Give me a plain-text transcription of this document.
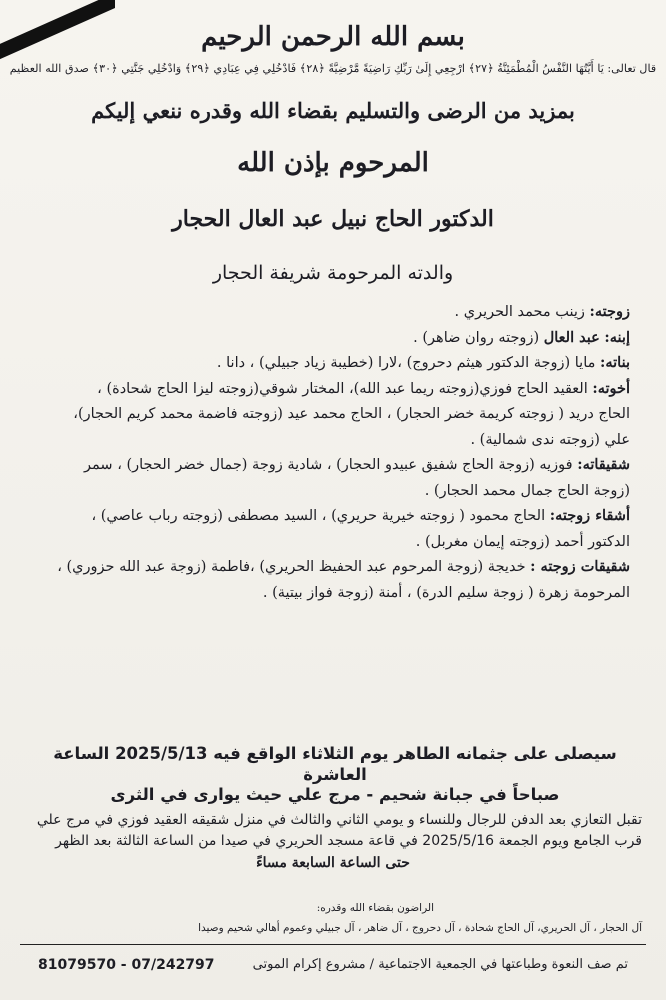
بسم الله الرحمن الرحيم
قال تعالى: يَا أَيَّتُهَا النَّفْسُ الْمُطْمَئِنَّةُ ﴿٢٧﴾ ارْجِعِي إِلَىٰ رَبِّكِ رَاضِيَةً مَّرْضِيَّةً ﴿٢٨﴾ فَادْخُلِي فِي عِبَادِي ﴿٢٩﴾ وَادْخُلِي جَنَّتِي ﴿٣٠﴾ صدق الله العظيم
بمزيد من الرضى والتسليم بقضاء الله وقدره ننعي إليكم
المرحوم بإذن الله
الدكتور الحاج نبيل عبد العال الحجار
والدته المرحومة شريفة الحجار
زوجته: زينب محمد الحريري .
إبنه: عبد العال (زوجته روان ضاهر) .
بناته: مايا (زوجة الدكتور هيثم دحروج) ،لارا (خطيبة زياد جبيلي) ، دانا .
أخوته: العقيد الحاج فوزي(زوجته ريما عبد الله)، المختار شوقي(زوجته ليزا الحاج شحادة) ،
الحاج دريد ( زوجته كريمة خضر الحجار) ، الحاج محمد عيد (زوجته فاضمة محمد كريم الحجار)،
علي (زوجته ندى شمالية) .
شقيقاته: فوزيه (زوجة الحاج شفيق عبيدو الحجار) ، شادية زوجة (جمال خضر الحجار) ، سمر
(زوجة الحاج جمال محمد الحجار) .
أشقاء زوجته: الحاج محمود ( زوجته خيرية حريري) ، السيد مصطفى (زوجته رباب عاصي) ،
الدكتور أحمد (زوجته إيمان مغربل) .
شقيقات زوجته : خديجة (زوجة المرحوم عبد الحفيظ الحريري) ،فاطمة (زوجة عبد الله حزوري) ،
المرحومة زهرة ( زوجة سليم الدرة) ، أمنة (زوجة فواز بيتية) .
سيصلى على جثمانه الطاهر يوم الثلاثاء الواقع فيه 2025/5/13 الساعة العاشرة
صباحاً في جبانة شحيم - مرج علي حيث يوارى في الثرى
تقبل التعازي بعد الدفن للرجال وللنساء و يومي الثاني والثالث في منزل شقيقه العقيد فوزي في مرج علي
قرب الجامع ويوم الجمعة 2025/5/16 في قاعة مسجد الحريري في صيدا من الساعة الثالثة بعد الظهر
حتى الساعة السابعة مساءً
الراضون بقضاء الله وقدره:
آل الحجار ، آل الحريري، آل الحاج شحادة ، آل دحروج ، آل ضاهر ، آل جبيلي وعموم أهالي شحيم وصيدا
تم صف النعوة وطباعتها في الجمعية الاجتماعية / مشروع إكرام الموتى
81079570 - 07/242797
